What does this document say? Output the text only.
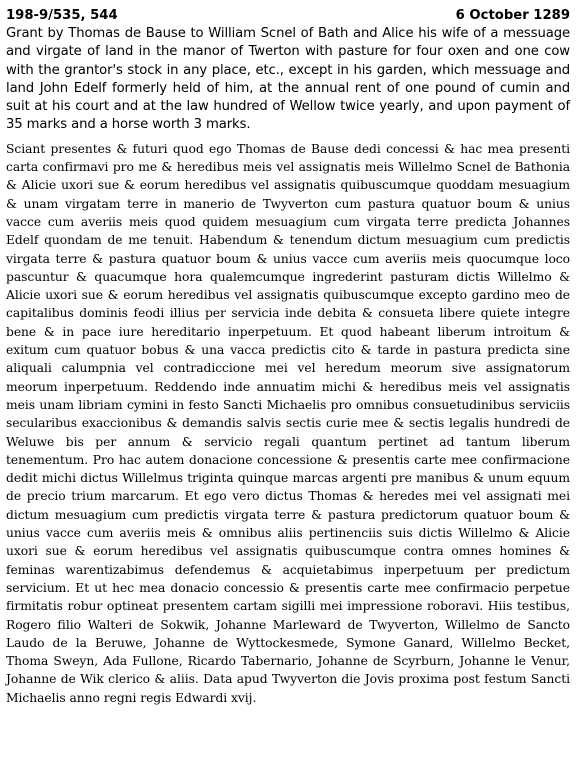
198-9/535, 544	6 October 1289

Grant by Thomas de Bause to William Scnel of Bath and Alice his wife of a messuage and virgate of land in the manor of Twerton with pasture for four oxen and one cow with the grantor's stock in any place, etc., except in his garden, which messuage and land John Edelf formerly held of him, at the annual rent of one pound of cumin and suit at his court and at the law hundred of Wellow twice yearly, and upon payment of 35 marks and a horse worth 3 marks.

Sciant presentes & futuri quod ego Thomas de Bause dedi concessi & hac mea presenti carta confirmavi pro me & heredibus meis vel assignatis meis Willelmo Scnel de Bathonia & Alicie uxori sue & eorum heredibus vel assignatis quibuscumque quoddam mesuagium & unam virgatam terre in manerio de Twyverton cum pastura quatuor boum & unius vacce cum averiis meis quod quidem mesuagium cum virgata terre predicta Johannes Edelf quondam de me tenuit. Habendum & tenendum dictum mesuagium cum predictis virgata terre & pastura quatuor boum & unius vacce cum averiis meis quocumque loco pascuntur & quacumque hora qualemcumque ingrederint pasturam dictis Willelmo & Alicie uxori sue & eorum heredibus vel assignatis quibuscumque excepto gardino meo de capitalibus dominis feodi illius per servicia inde debita & consueta libere quiete integre bene & in pace iure hereditario inperpetuum. Et quod habeant liberum introitum & exitum cum quatuor bobus & una vacca predictis cito & tarde in pastura predicta sine aliquali calumpnia vel contradiccione mei vel heredum meorum sive assignatorum meorum inperpetuum. Reddendo inde annuatim michi & heredibus meis vel assignatis meis unam libriam cymini in festo Sancti Michaelis pro omnibus consuetudinibus serviciis secularibus exaccionibus & demandis salvis sectis curie mee & sectis legalis hundredi de Weluwe bis per annum & servicio regali quantum pertinet ad tantum liberum tenementum. Pro hac autem donacione concessione & presentis carte mee confirmacione dedit michi dictus Willelmus triginta quinque marcas argenti pre manibus & unum equum de precio trium marcarum. Et ego vero dictus Thomas & heredes mei vel assignati mei dictum mesuagium cum predictis virgata terre & pastura predictorum quatuor boum & unius vacce cum averiis meis & omnibus aliis pertinenciis suis dictis Willelmo & Alicie uxori sue & eorum heredibus vel assignatis quibuscumque contra omnes homines & feminas warentizabimus defendemus & acquietabimus inperpetuum per predictum servicium. Et ut hec mea donacio concessio & presentis carte mee confirmacio perpetue firmitatis robur optineat presentem cartam sigilli mei impressione roboravi. Hiis testibus, Rogero filio Walteri de Sokwik, Johanne Marleward de Twyverton, Willelmo de Sancto Laudo de la Beruwe, Johanne de Wyttockesmede, Symone Ganard, Willelmo Becket, Thoma Sweyn, Ada Fullone, Ricardo Tabernario, Johanne de Scyrburn, Johanne le Venur, Johanne de Wik clerico & aliis. Data apud Twyverton die Jovis proxima post festum Sancti Michaelis anno regni regis Edwardi xvij.
